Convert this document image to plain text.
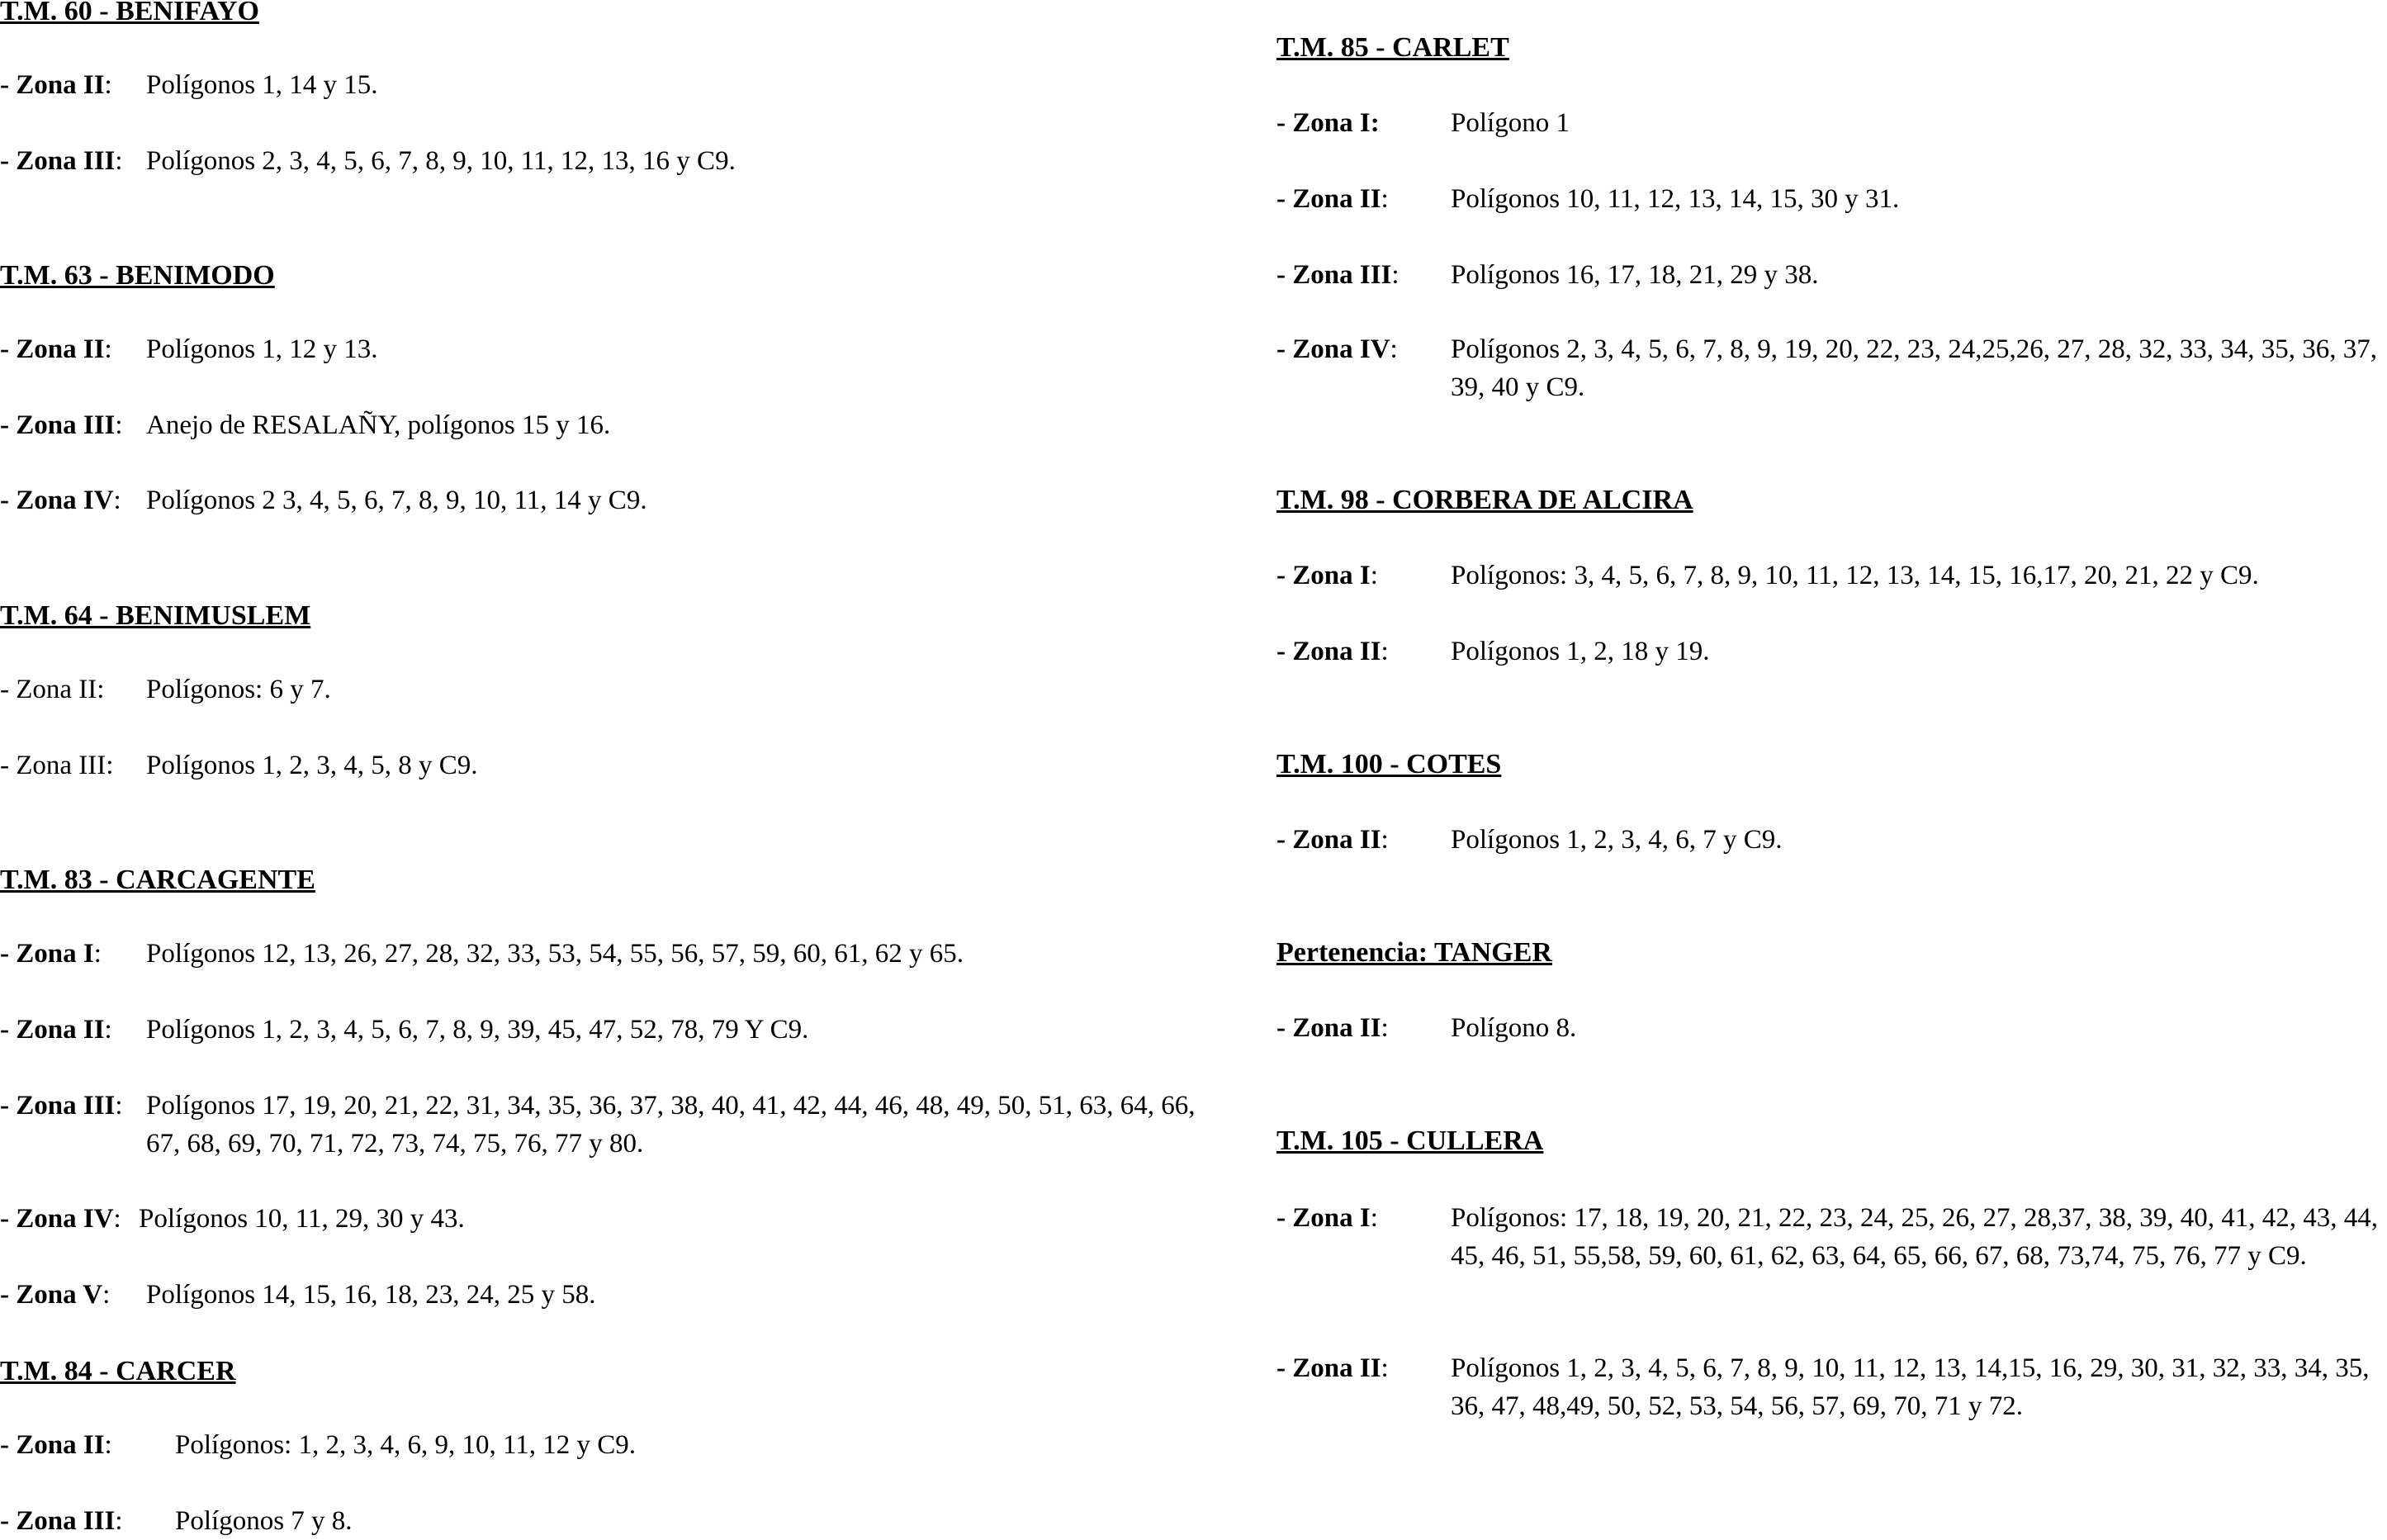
T.M. 60 - BENIFAYO
- Zona II:	Polígonos 1, 14 y 15.
- Zona III: Polígonos 2, 3, 4, 5, 6, 7, 8, 9, 10, 11, 12, 13, 16 y C9.
T.M. 63 - BENIMODO
- Zona II:	Polígonos 1, 12 y 13.
- Zona III: Anejo de RESALAÑY, polígonos 15 y 16.
- Zona IV: Polígonos 2 3, 4, 5, 6, 7, 8, 9, 10, 11, 14 y C9.
T.M. 64 - BENIMUSLEM
- Zona II:	Polígonos: 6 y 7.
- Zona III:	Polígonos 1, 2, 3, 4, 5, 8 y C9.
T.M. 83 - CARCAGENTE
- Zona I:	Polígonos 12, 13, 26, 27, 28, 32, 33, 53, 54, 55, 56, 57, 59, 60, 61, 62 y 65.
- Zona II:	Polígonos 1, 2, 3, 4, 5, 6, 7, 8, 9, 39, 45, 47, 52, 78, 79 Y C9.
- Zona III: Polígonos 17, 19, 20, 21, 22, 31, 34, 35, 36, 37, 38, 40, 41, 42, 44, 46, 48, 49, 50, 51, 63, 64, 66, 67, 68, 69, 70, 71, 72, 73, 74, 75, 76, 77 y 80.
- Zona IV: Polígonos 10, 11, 29, 30 y 43.
- Zona V:	Polígonos 14, 15, 16, 18, 23, 24, 25 y 58.
T.M. 84 - CARCER
- Zona II:	Polígonos: 1, 2, 3, 4, 6, 9, 10, 11, 12 y C9.
- Zona III:	Polígonos 7 y 8.
T.M. 85 - CARLET
- Zona I:	Polígono 1
- Zona II:	Polígonos 10, 11, 12, 13, 14, 15, 30 y 31.
- Zona III:	Polígonos 16, 17, 18, 21, 29 y 38.
- Zona IV:	Polígonos 2, 3, 4, 5, 6, 7, 8, 9, 19, 20, 22, 23, 24,25,26, 27, 28, 32, 33, 34, 35, 36, 37, 39, 40 y C9.
T.M. 98 - CORBERA DE ALCIRA
- Zona I:	Polígonos: 3, 4, 5, 6, 7, 8, 9, 10, 11, 12, 13, 14, 15, 16,17, 20, 21, 22 y C9.
- Zona II:	Polígonos 1, 2, 18 y 19.
T.M. 100 - COTES
- Zona II:	Polígonos 1, 2, 3, 4, 6, 7 y C9.
Pertenencia: TANGER
- Zona II:	Polígono 8.
T.M. 105 - CULLERA
- Zona I:	Polígonos: 17, 18, 19, 20, 21, 22, 23, 24, 25, 26, 27, 28,37, 38, 39, 40, 41, 42, 43, 44, 45, 46, 51, 55,58, 59, 60, 61, 62, 63, 64, 65, 66, 67, 68, 73,74, 75, 76, 77 y C9.
- Zona II:	Polígonos 1, 2, 3, 4, 5, 6, 7, 8, 9, 10, 11, 12, 13, 14,15, 16, 29, 30, 31, 32, 33, 34, 35, 36, 47, 48,49, 50, 52, 53, 54, 56, 57, 69, 70, 71 y 72.
